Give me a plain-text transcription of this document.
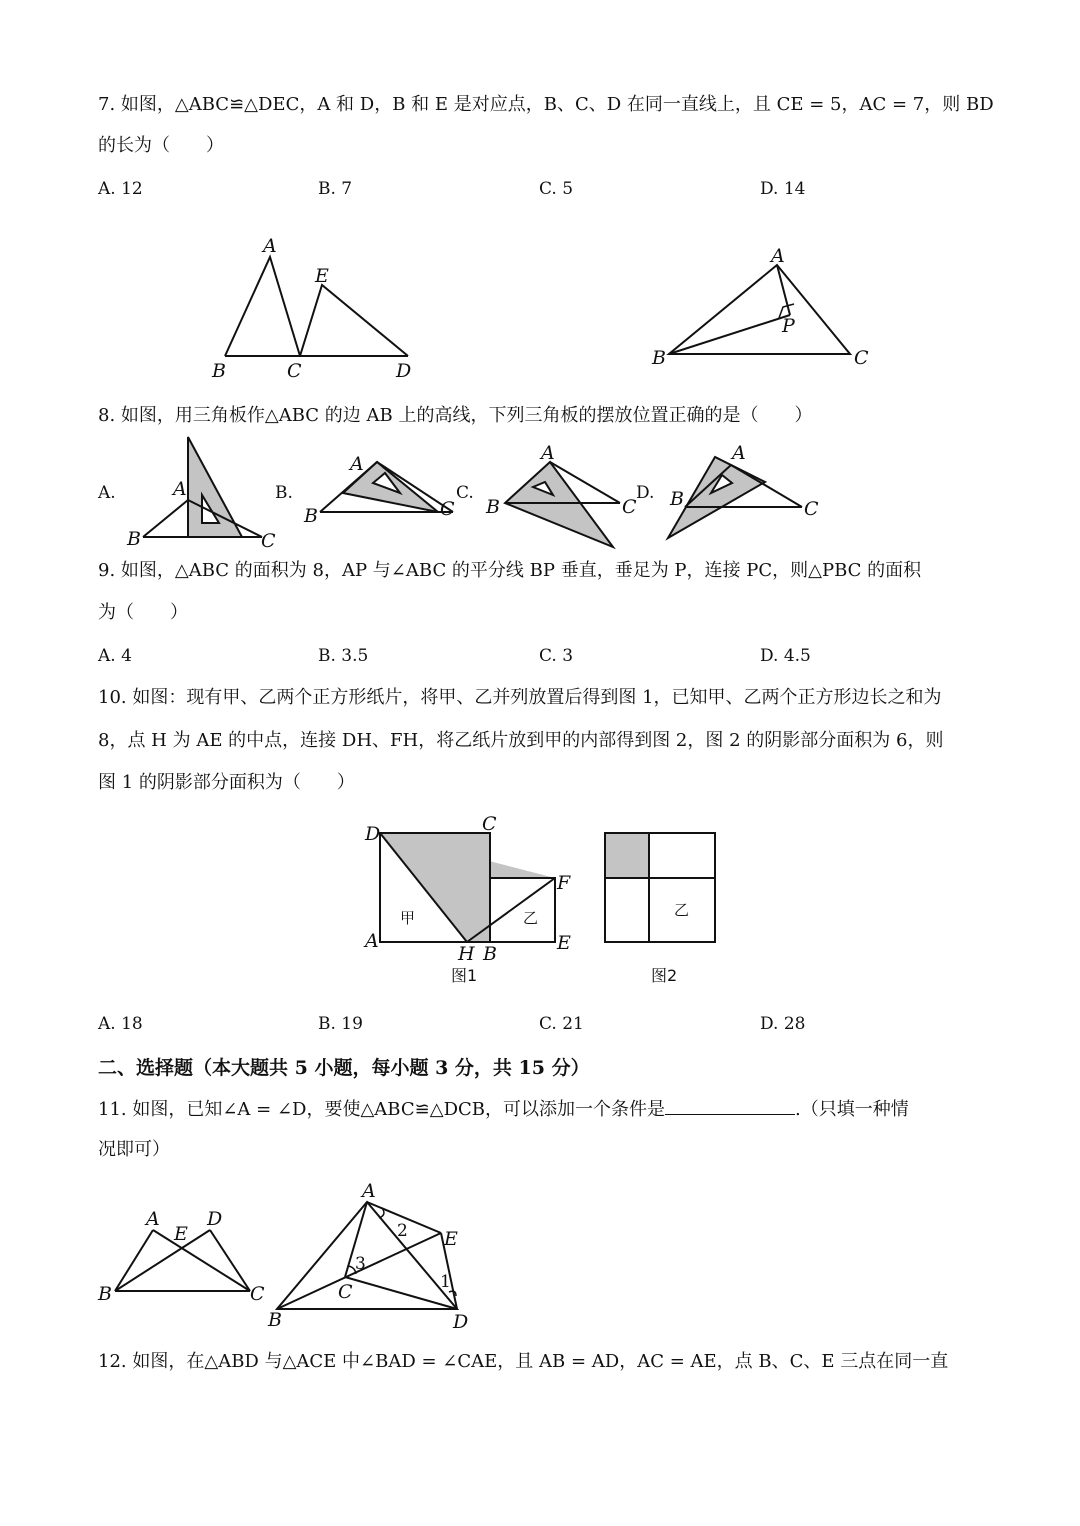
7. 如图，△ABC≌△DEC，A 和 D，B 和 E 是对应点，B、C、D 在同一直线上，且 CE = 5，AC = 7，则 BD
的长为（　　）
A. 12	B. 7	C. 5	D. 14
A
E
B	C	D
A
P
B	C
8. 如图，用三角板作△ABC 的边 AB 上的高线，下列三角板的摆放位置正确的是（　　）
A.	A
B	C
B.
A
B	C
C.
A
B	C
D.
A
B	C
9. 如图，△ABC 的面积为 8，AP 与∠ABC 的平分线 BP 垂直，垂足为 P，连接 PC，则△PBC 的面积
为（　　）
A. 4	B. 3.5	C. 3	D. 4.5
10. 如图：现有甲、乙两个正方形纸片，将甲、乙并列放置后得到图 1，已知甲、乙两个正方形边长之和为
8，点 H 为 AE 的中点，连接 DH、FH，将乙纸片放到甲的内部得到图 2，图 2 的阴影部分面积为 6，则
图 1 的阴影部分面积为（　　）
D	C
F
A
H B	E
甲	乙
图1
乙
图2
A. 18	B. 19	C. 21	D. 28
二、选择题（本大题共 5 小题，每小题 3 分，共 15 分）
11. 如图，已知∠A = ∠D，要使△ABC≌△DCB，可以添加一个条件是	.（只填一种情
况即可）
A
E
D
B	C
A
2 E
3
1
C
B	D
12. 如图，在△ABD 与△ACE 中∠BAD = ∠CAE，且 AB = AD，AC = AE，点 B、C、E 三点在同一直
